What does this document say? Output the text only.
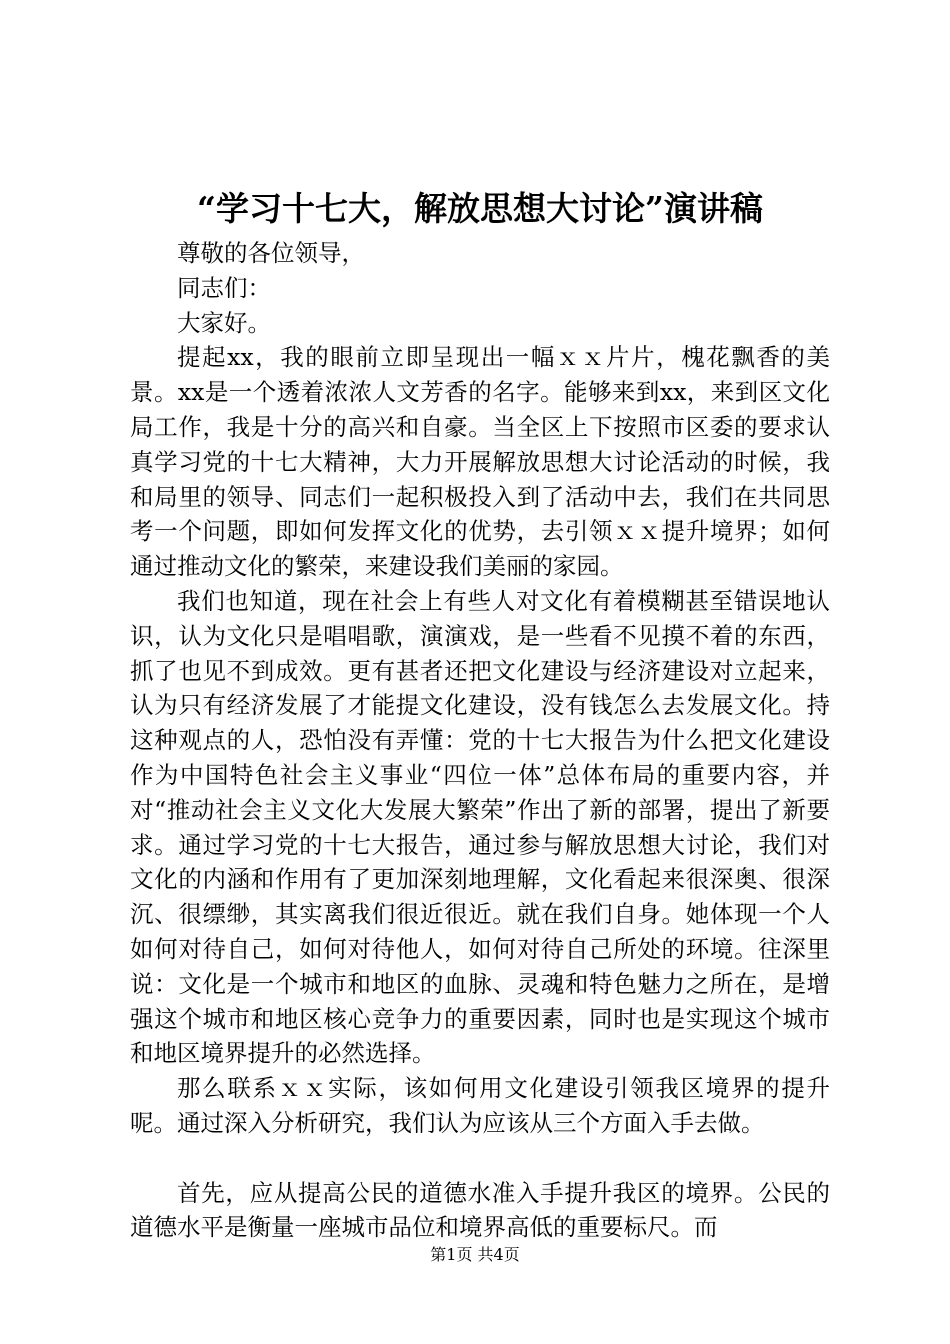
“学习十七大，解放思想大讨论”演讲稿

尊敬的各位领导，

同志们：

大家好。

提起xx，我的眼前立即呈现出一幅ｘｘ片片，槐花飘香的美景。xx是一个透着浓浓人文芳香的名字。能够来到xx，来到区文化局工作，我是十分的高兴和自豪。当全区上下按照市区委的要求认真学习党的十七大精神，大力开展解放思想大讨论活动的时候，我和局里的领导、同志们一起积极投入到了活动中去，我们在共同思考一个问题，即如何发挥文化的优势，去引领ｘｘ提升境界；如何通过推动文化的繁荣，来建设我们美丽的家园。

我们也知道，现在社会上有些人对文化有着模糊甚至错误地认识，认为文化只是唱唱歌，演演戏，是一些看不见摸不着的东西，抓了也见不到成效。更有甚者还把文化建设与经济建设对立起来，认为只有经济发展了才能提文化建设，没有钱怎么去发展文化。持这种观点的人，恐怕没有弄懂：党的十七大报告为什么把文化建设作为中国特色社会主义事业“四位一体”总体布局的重要内容，并对“推动社会主义文化大发展大繁荣”作出了新的部署，提出了新要求。通过学习党的十七大报告，通过参与解放思想大讨论，我们对文化的内涵和作用有了更加深刻地理解，文化看起来很深奥、很深沉、很缥缈，其实离我们很近很近。就在我们自身。她体现一个人如何对待自己，如何对待他人，如何对待自己所处的环境。往深里说：文化是一个城市和地区的血脉、灵魂和特色魅力之所在，是增强这个城市和地区核心竞争力的重要因素，同时也是实现这个城市和地区境界提升的必然选择。

那么联系ｘｘ实际，该如何用文化建设引领我区境界的提升呢。通过深入分析研究，我们认为应该从三个方面入手去做。

首先，应从提高公民的道德水准入手提升我区的境界。公民的道德水平是衡量一座城市品位和境界高低的重要标尺。而

第1页 共4页
